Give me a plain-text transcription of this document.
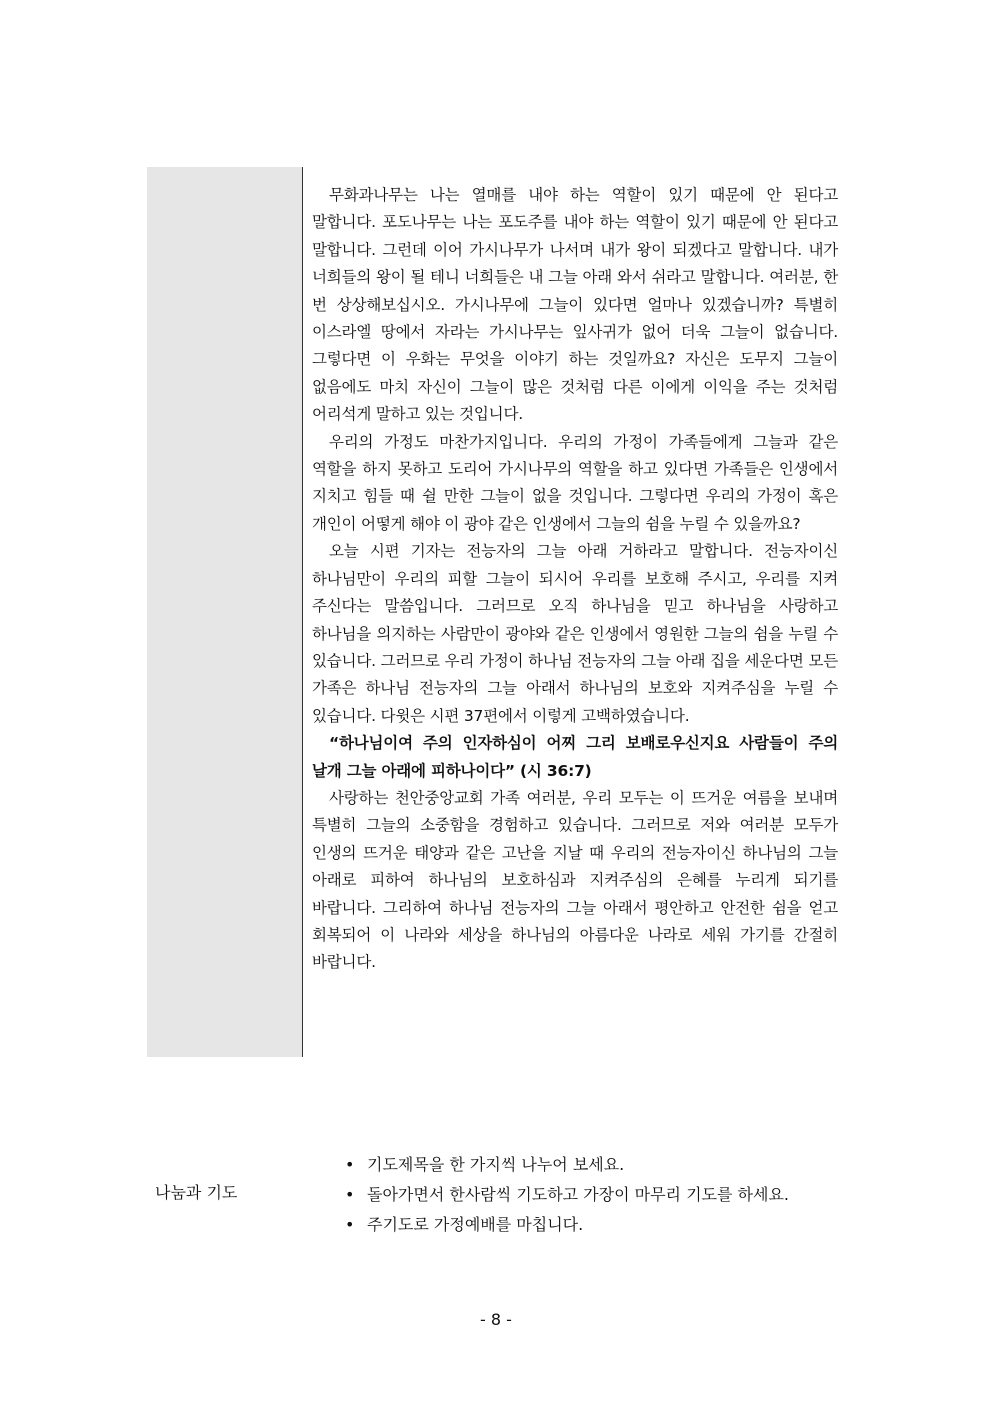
무화과나무는 나는 열매를 내야 하는 역할이 있기 때문에 안 된다고 말합니다. 포도나무는 나는 포도주를 내야 하는 역할이 있기 때문에 안 된다고 말합니다. 그런데 이어 가시나무가 나서며 내가 왕이 되겠다고 말합니다. 내가 너희들의 왕이 될 테니 너희들은 내 그늘 아래 와서 쉬라고 말합니다. 여러분, 한 번 상상해보십시오. 가시나무에 그늘이 있다면 얼마나 있겠습니까? 특별히 이스라엘 땅에서 자라는 가시나무는 잎사귀가 없어 더욱 그늘이 없습니다. 그렇다면 이 우화는 무엇을 이야기 하는 것일까요? 자신은 도무지 그늘이 없음에도 마치 자신이 그늘이 많은 것처럼 다른 이에게 이익을 주는 것처럼 어리석게 말하고 있는 것입니다.

우리의 가정도 마찬가지입니다. 우리의 가정이 가족들에게 그늘과 같은 역할을 하지 못하고 도리어 가시나무의 역할을 하고 있다면 가족들은 인생에서 지치고 힘들 때 쉴 만한 그늘이 없을 것입니다. 그렇다면 우리의 가정이 혹은 개인이 어떻게 해야 이 광야 같은 인생에서 그늘의 쉼을 누릴 수 있을까요?

오늘 시편 기자는 전능자의 그늘 아래 거하라고 말합니다. 전능자이신 하나님만이 우리의 피할 그늘이 되시어 우리를 보호해 주시고, 우리를 지켜 주신다는 말씀입니다. 그러므로 오직 하나님을 믿고 하나님을 사랑하고 하나님을 의지하는 사람만이 광야와 같은 인생에서 영원한 그늘의 쉼을 누릴 수 있습니다. 그러므로 우리 가정이 하나님 전능자의 그늘 아래 집을 세운다면 모든 가족은 하나님 전능자의 그늘 아래서 하나님의 보호와 지켜주심을 누릴 수 있습니다. 다윗은 시편 37편에서 이렇게 고백하였습니다.

“하나님이여 주의 인자하심이 어찌 그리 보배로우신지요 사람들이 주의 날개 그늘 아래에 피하나이다” (시 36:7)

사랑하는 천안중앙교회 가족 여러분, 우리 모두는 이 뜨거운 여름을 보내며 특별히 그늘의 소중함을 경험하고 있습니다. 그러므로 저와 여러분 모두가 인생의 뜨거운 태양과 같은 고난을 지날 때 우리의 전능자이신 하나님의 그늘 아래로 피하여 하나님의 보호하심과 지켜주심의 은혜를 누리게 되기를 바랍니다. 그리하여 하나님 전능자의 그늘 아래서 평안하고 안전한 쉼을 얻고 회복되어 이 나라와 세상을 하나님의 아름다운 나라로 세워 가기를 간절히 바랍니다.

나눔과 기도
• 기도제목을 한 가지씩 나누어 보세요.
• 돌아가면서 한사람씩 기도하고 가장이 마무리 기도를 하세요.
• 주기도로 가정예배를 마칩니다.
- 8 -
